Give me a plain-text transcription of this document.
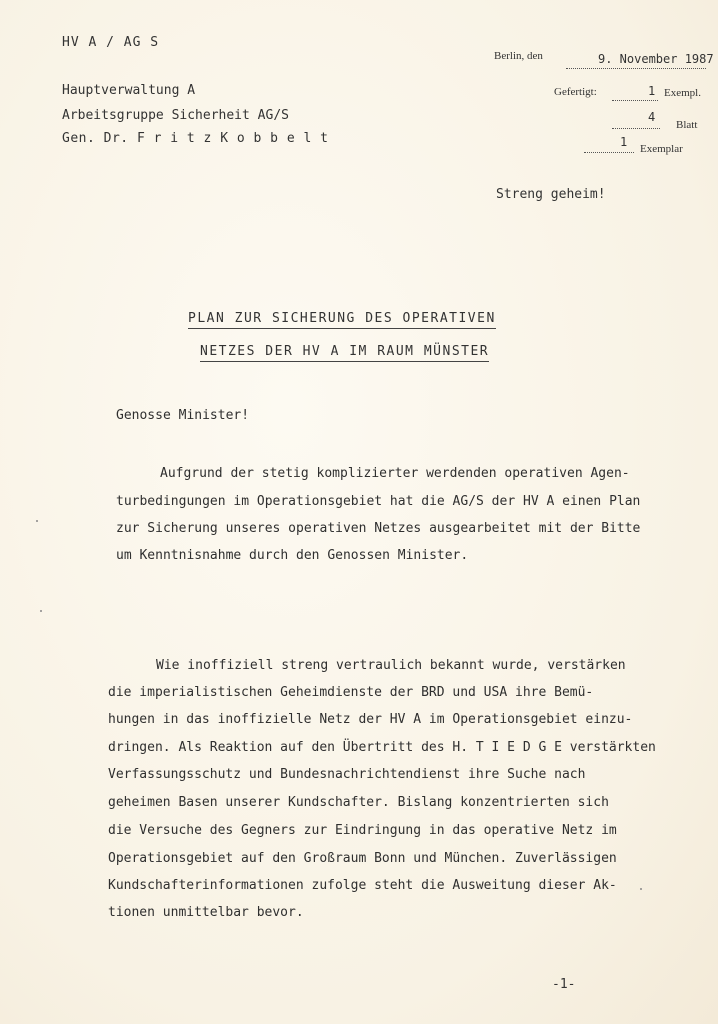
HV A / AG S
Hauptverwaltung A
Arbeitsgruppe Sicherheit AG/S
Gen. Dr. F r i t z K o b b e l t
Berlin, den	9. November 1987
Gefertigt:	1 Exempl.
4
Blatt
1 Exemplar
Streng geheim!
PLAN ZUR SICHERUNG DES OPERATIVEN
NETZES DER HV A IM RAUM MÜNSTER
Genosse Minister!
Aufgrund der stetig komplizierter werdenden operativen Agen-
turbedingungen im Operationsgebiet hat die AG/S der HV A einen Plan
zur Sicherung unseres operativen Netzes ausgearbeitet mit der Bitte
um Kenntnisnahme durch den Genossen Minister.
Wie inoffiziell streng vertraulich bekannt wurde, verstärken
die imperialistischen Geheimdienste der BRD und USA ihre Bemü-
hungen in das inoffizielle Netz der HV A im Operationsgebiet einzu-
dringen. Als Reaktion auf den Übertritt des H. T I E D G E verstärkten
Verfassungsschutz und Bundesnachrichtendienst ihre Suche nach
geheimen Basen unserer Kundschafter. Bislang konzentrierten sich
die Versuche des Gegners zur Eindringung in das operative Netz im
Operationsgebiet auf den Großraum Bonn und München. Zuverlässigen
Kundschafterinformationen zufolge steht die Ausweitung dieser Ak-
tionen unmittelbar bevor.
-1-
